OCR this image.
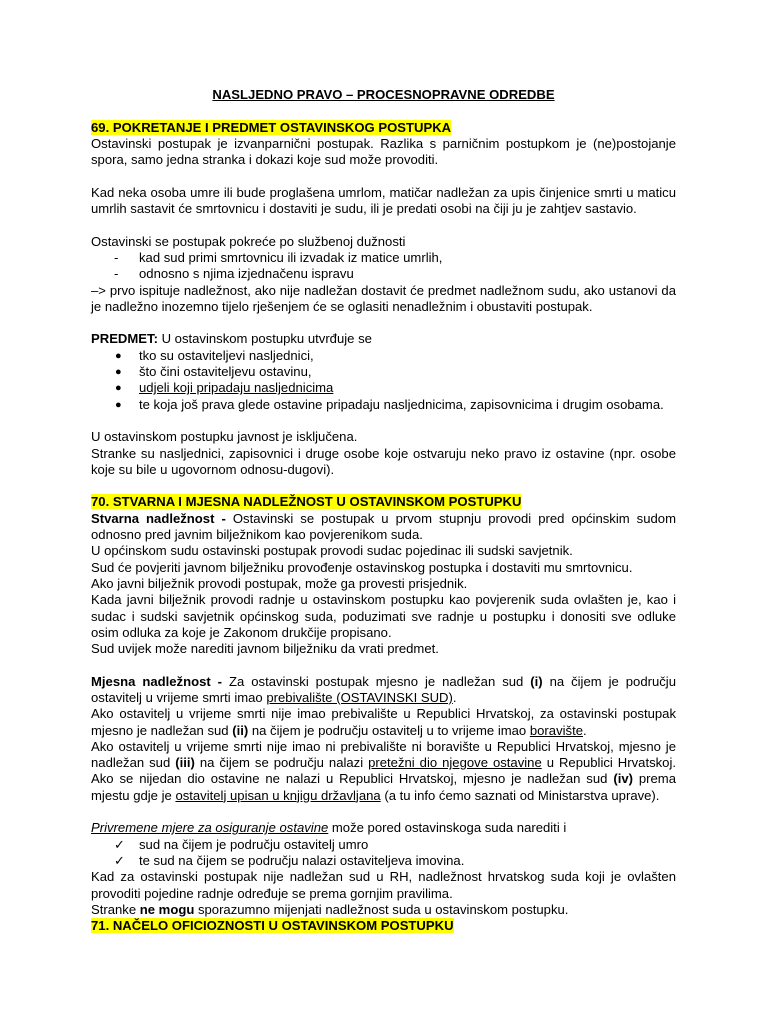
NASLJEDNO PRAVO – PROCESNOPRAVNE ODREDBE

69. POKRETANJE I PREDMET OSTAVINSKOG POSTUPKA

Ostavinski postupak je izvanparnični postupak. Razlika s parničnim postupkom je (ne)postojanje spora, samo jedna stranka i dokazi koje sud može provoditi.

Kad neka osoba umre ili bude proglašena umrlom, matičar nadležan za upis činjenice smrti u maticu umrlih sastavit će smrtovnicu i dostaviti je sudu, ili je predati osobi na čiji ju je zahtjev sastavio.

Ostavinski se postupak pokreće po službenoj dužnosti

- kad sud primi smrtovnicu ili izvadak iz matice umrlih,
- odnosno s njima izjednačenu ispravu

–> prvo ispituje nadležnost, ako nije nadležan dostavit će predmet nadležnom sudu, ako ustanovi da je nadležno inozemno tijelo rješenjem će se oglasiti nenadležnim i obustaviti postupak.

PREDMET: U ostavinskom postupku utvrđuje se

● tko su ostaviteljevi nasljednici,
● što čini ostaviteljevu ostavinu,
● udjeli koji pripadaju nasljednicima
● te koja još prava glede ostavine pripadaju nasljednicima, zapisovnicima i drugim osobama.

U ostavinskom postupku javnost je isključena.

Stranke su nasljednici, zapisovnici i druge osobe koje ostvaruju neko pravo iz ostavine (npr. osobe koje su bile u ugovornom odnosu-dugovi).

70. STVARNA I MJESNA NADLEŽNOST U OSTAVINSKOM POSTUPKU

Stvarna nadležnost - Ostavinski se postupak u prvom stupnju provodi pred općinskim sudom odnosno pred javnim bilježnikom kao povjerenikom suda.

U općinskom sudu ostavinski postupak provodi sudac pojedinac ili sudski savjetnik.

Sud će povjeriti javnom bilježniku provođenje ostavinskog postupka i dostaviti mu smrtovnicu.

Ako javni bilježnik provodi postupak, može ga provesti prisjednik.

Kada javni bilježnik provodi radnje u ostavinskom postupku kao povjerenik suda ovlašten je, kao i sudac i sudski savjetnik općinskog suda, poduzimati sve radnje u postupku i donositi sve odluke osim odluka za koje je Zakonom drukčije propisano.

Sud uvijek može narediti javnom bilježniku da vrati predmet.

Mjesna nadležnost - Za ostavinski postupak mjesno je nadležan sud (i) na čijem je području ostavitelj u vrijeme smrti imao prebivalište (OSTAVINSKI SUD).

Ako ostavitelj u vrijeme smrti nije imao prebivalište u Republici Hrvatskoj, za ostavinski postupak mjesno je nadležan sud (ii) na čijem je području ostavitelj u to vrijeme imao boravište.

Ako ostavitelj u vrijeme smrti nije imao ni prebivalište ni boravište u Republici Hrvatskoj, mjesno je nadležan sud (iii) na čijem se području nalazi pretežni dio njegove ostavine u Republici Hrvatskoj. Ako se nijedan dio ostavine ne nalazi u Republici Hrvatskoj, mjesno je nadležan sud (iv) prema mjestu gdje je ostavitelj upisan u knjigu državljana (a tu info ćemo saznati od Ministarstva uprave).

Privremene mjere za osiguranje ostavine može pored ostavinskoga suda narediti i

✓ sud na čijem je području ostavitelj umro
✓ te sud na čijem se području nalazi ostaviteljeva imovina.

Kad za ostavinski postupak nije nadležan sud u RH, nadležnost hrvatskog suda koji je ovlašten provoditi pojedine radnje određuje se prema gornjim pravilima.

Stranke ne mogu sporazumno mijenjati nadležnost suda u ostavinskom postupku.

71. NAČELO OFICIOZNOSTI U OSTAVINSKOM POSTUPKU
